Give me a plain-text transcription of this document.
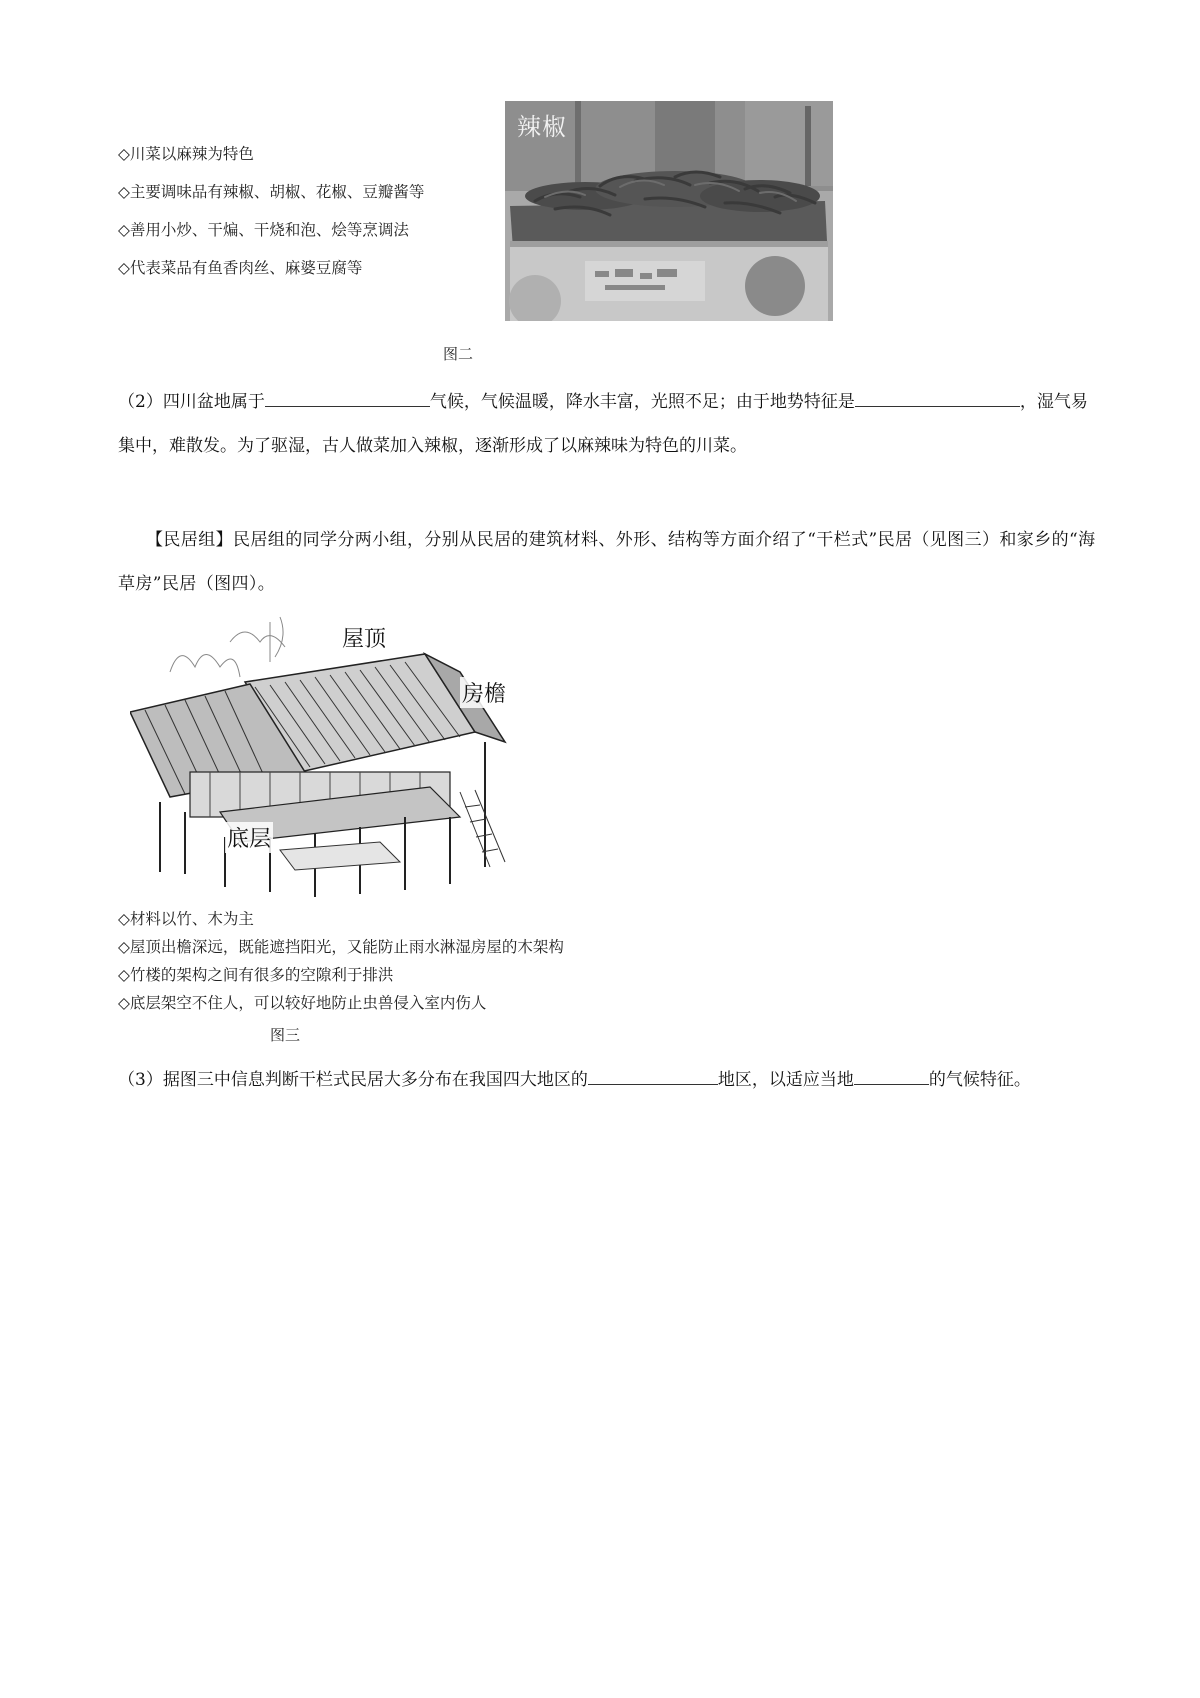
◇川菜以麻辣为特色
◇主要调味品有辣椒、胡椒、花椒、豆瓣酱等
◇善用小炒、干煸、干烧和泡、烩等烹调法
◇代表菜品有鱼香肉丝、麻婆豆腐等
辣椒
图二
（2）四川盆地属于	气候，气候温暖，降水丰富，光照不足；由于地势特征是	，湿气易集中，难散发。为了驱湿，古人做菜加入辣椒，逐渐形成了以麻辣味为特色的川菜。
【民居组】民居组的同学分两小组，分别从民居的建筑材料、外形、结构等方面介绍了“干栏式”民居（见图三）和家乡的“海草房”民居（图四）。
屋顶
房檐
底层
◇材料以竹、木为主
◇屋顶出檐深远，既能遮挡阳光，又能防止雨水淋湿房屋的木架构
◇竹楼的架构之间有很多的空隙利于排洪
◇底层架空不住人，可以较好地防止虫兽侵入室内伤人
图三
（3）据图三中信息判断干栏式民居大多分布在我国四大地区的	地区，以适应当地	的气候特征。
